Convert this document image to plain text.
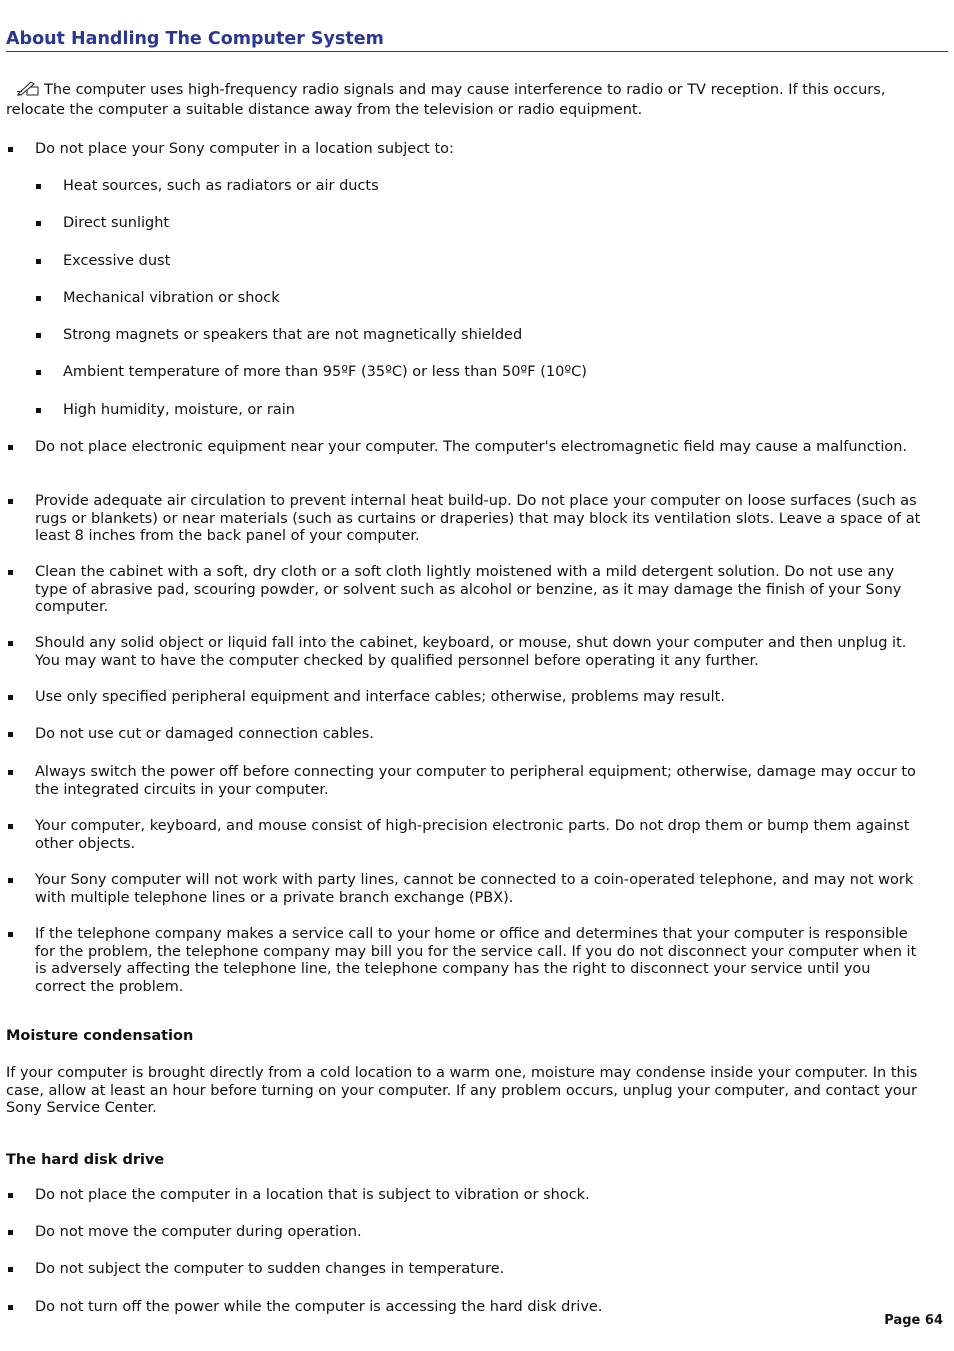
About Handling The Computer System
The computer uses high-frequency radio signals and may cause interference to radio or TV reception. If this occurs, relocate the computer a suitable distance away from the television or radio equipment.
Do not place your Sony computer in a location subject to:
Heat sources, such as radiators or air ducts
Direct sunlight
Excessive dust
Mechanical vibration or shock
Strong magnets or speakers that are not magnetically shielded
Ambient temperature of more than 95ºF (35ºC) or less than 50ºF (10ºC)
High humidity, moisture, or rain
Do not place electronic equipment near your computer. The computer's electromagnetic field may cause a malfunction.
Provide adequate air circulation to prevent internal heat build-up. Do not place your computer on loose surfaces (such as rugs or blankets) or near materials (such as curtains or draperies) that may block its ventilation slots. Leave a space of at least 8 inches from the back panel of your computer.
Clean the cabinet with a soft, dry cloth or a soft cloth lightly moistened with a mild detergent solution. Do not use any type of abrasive pad, scouring powder, or solvent such as alcohol or benzine, as it may damage the finish of your Sony computer.
Should any solid object or liquid fall into the cabinet, keyboard, or mouse, shut down your computer and then unplug it. You may want to have the computer checked by qualified personnel before operating it any further.
Use only specified peripheral equipment and interface cables; otherwise, problems may result.
Do not use cut or damaged connection cables.
Always switch the power off before connecting your computer to peripheral equipment; otherwise, damage may occur to the integrated circuits in your computer.
Your computer, keyboard, and mouse consist of high-precision electronic parts. Do not drop them or bump them against other objects.
Your Sony computer will not work with party lines, cannot be connected to a coin-operated telephone, and may not work with multiple telephone lines or a private branch exchange (PBX).
If the telephone company makes a service call to your home or office and determines that your computer is responsible for the problem, the telephone company may bill you for the service call. If you do not disconnect your computer when it is adversely affecting the telephone line, the telephone company has the right to disconnect your service until you correct the problem.
Moisture condensation
If your computer is brought directly from a cold location to a warm one, moisture may condense inside your computer. In this case, allow at least an hour before turning on your computer. If any problem occurs, unplug your computer, and contact your Sony Service Center.
The hard disk drive
Do not place the computer in a location that is subject to vibration or shock.
Do not move the computer during operation.
Do not subject the computer to sudden changes in temperature.
Do not turn off the power while the computer is accessing the hard disk drive.
Page 64
